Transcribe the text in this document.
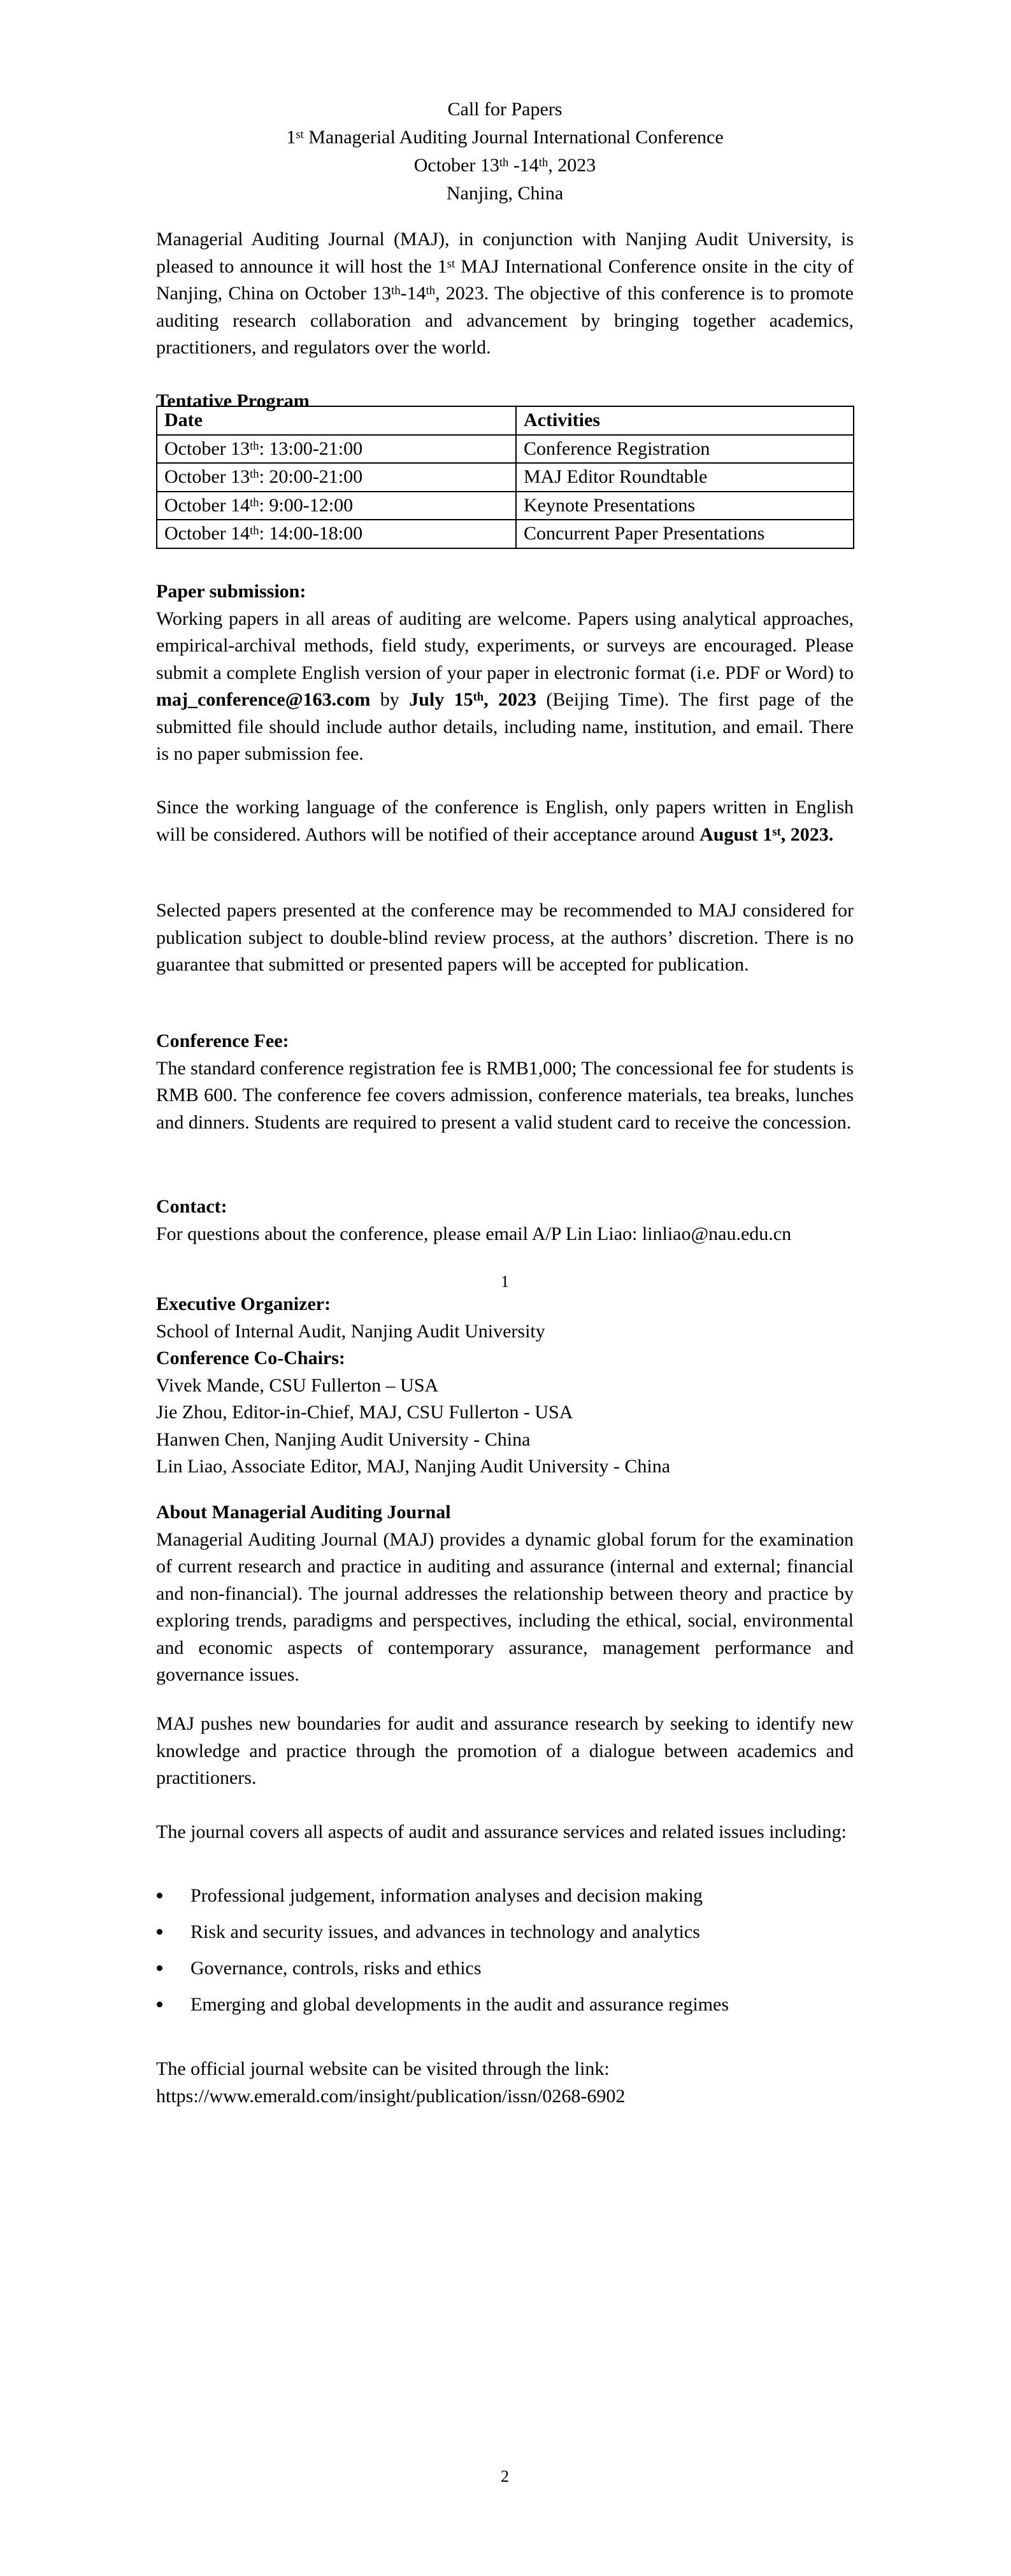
Call for Papers
1st Managerial Auditing Journal International Conference
October 13th -14th, 2023
Nanjing, China

Managerial Auditing Journal (MAJ), in conjunction with Nanjing Audit University, is pleased to announce it will host the 1st MAJ International Conference onsite in the city of Nanjing, China on October 13th-14th, 2023. The objective of this conference is to promote auditing research collaboration and advancement by bringing together academics, practitioners, and regulators over the world.

Tentative Program
Date	Activities
October 13th: 13:00-21:00	Conference Registration
October 13th: 20:00-21:00	MAJ Editor Roundtable
October 14th: 9:00-12:00	Keynote Presentations
October 14th: 14:00-18:00	Concurrent Paper Presentations
Paper submission:

Working papers in all areas of auditing are welcome. Papers using analytical approaches, empirical-archival methods, field study, experiments, or surveys are encouraged. Please submit a complete English version of your paper in electronic format (i.e. PDF or Word) to maj_conference@163.com by July 15th, 2023 (Beijing Time). The first page of the submitted file should include author details, including name, institution, and email. There is no paper submission fee.

Since the working language of the conference is English, only papers written in English will be considered. Authors will be notified of their acceptance around August 1st, 2023.

Selected papers presented at the conference may be recommended to MAJ considered for publication subject to double-blind review process, at the authors’ discretion. There is no guarantee that submitted or presented papers will be accepted for publication.

Conference Fee:

The standard conference registration fee is RMB1,000; The concessional fee for students is RMB 600. The conference fee covers admission, conference materials, tea breaks, lunches and dinners. Students are required to present a valid student card to receive the concession.

Contact:

For questions about the conference, please email A/P Lin Liao: linliao@nau.edu.cn

1
Executive Organizer:
School of Internal Audit, Nanjing Audit University
Conference Co-Chairs:
Vivek Mande, CSU Fullerton – USA
Jie Zhou, Editor-in-Chief, MAJ, CSU Fullerton - USA
Hanwen Chen, Nanjing Audit University - China
Lin Liao, Associate Editor, MAJ, Nanjing Audit University - China
About Managerial Auditing Journal

Managerial Auditing Journal (MAJ) provides a dynamic global forum for the examination of current research and practice in auditing and assurance (internal and external; financial and non-financial). The journal addresses the relationship between theory and practice by exploring trends, paradigms and perspectives, including the ethical, social, environmental and economic aspects of contemporary assurance, management performance and governance issues.

MAJ pushes new boundaries for audit and assurance research by seeking to identify new knowledge and practice through the promotion of a dialogue between academics and practitioners.

The journal covers all aspects of audit and assurance services and related issues including:

Professional judgement, information analyses and decision making
Risk and security issues, and advances in technology and analytics
Governance, controls, risks and ethics
Emerging and global developments in the audit and assurance regimes
The official journal website can be visited through the link:
https://www.emerald.com/insight/publication/issn/0268-6902
2
